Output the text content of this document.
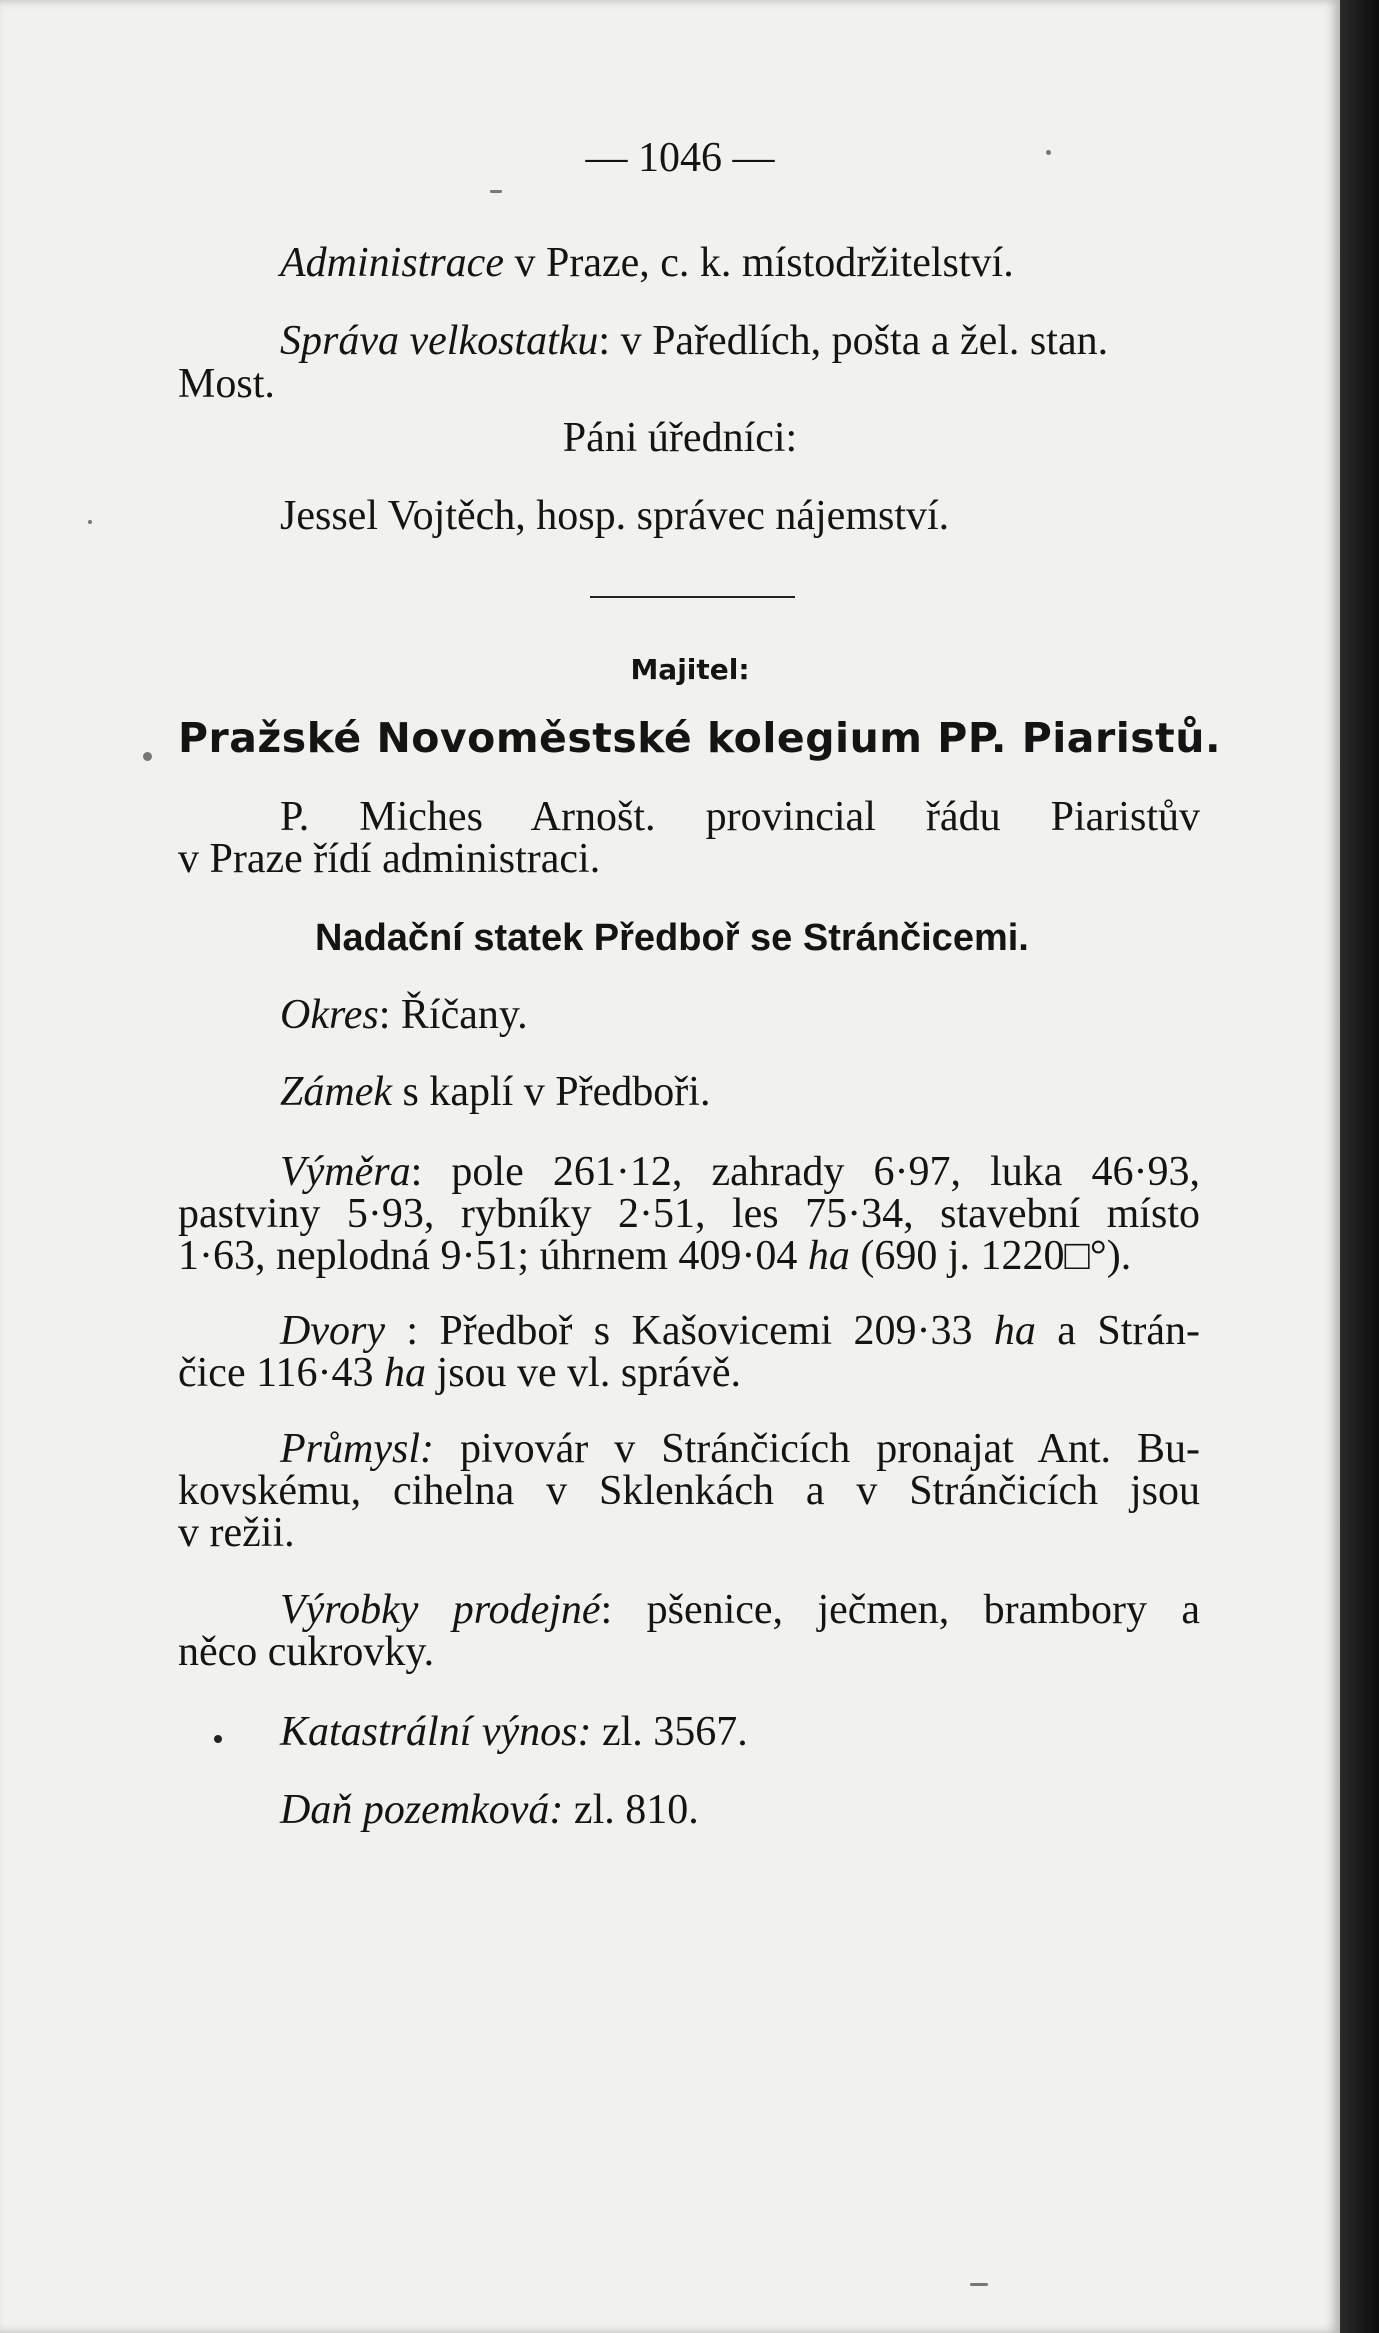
— 1046 —
Administrace v Praze, c. k. místodržitelství.
Správa velkostatku: v Paředlích, pošta a žel. stan.
Most.
Páni úředníci:
Jessel Vojtěch, hosp. správec nájemství.
Majitel:
Pražské Novoměstské kolegium PP. Piaristů.
P. Miches Arnošt. provincial řádu Piaristův
v Praze řídí administraci.
Nadační statek Předboř se Stránčicemi.
Okres: Říčany.
Zámek s kaplí v Předboři.
Výměra: pole 261·12, zahrady 6·97, luka 46·93,
pastviny 5·93, rybníky 2·51, les 75·34, stavební místo
1·63, neplodná 9·51; úhrnem 409·04 ha (690 j. 1220□°).
Dvory : Předboř s Kašovicemi 209·33 ha a Strán-
čice 116·43 ha jsou ve vl. správě.
Průmysl: pivovár v Stránčicích pronajat Ant. Bu-
kovskému, cihelna v Sklenkách a v Stránčicích jsou
v režii.
Výrobky prodejné: pšenice, ječmen, brambory a
něco cukrovky.
Katastrální výnos: zl. 3567.
Daň pozemková: zl. 810.
